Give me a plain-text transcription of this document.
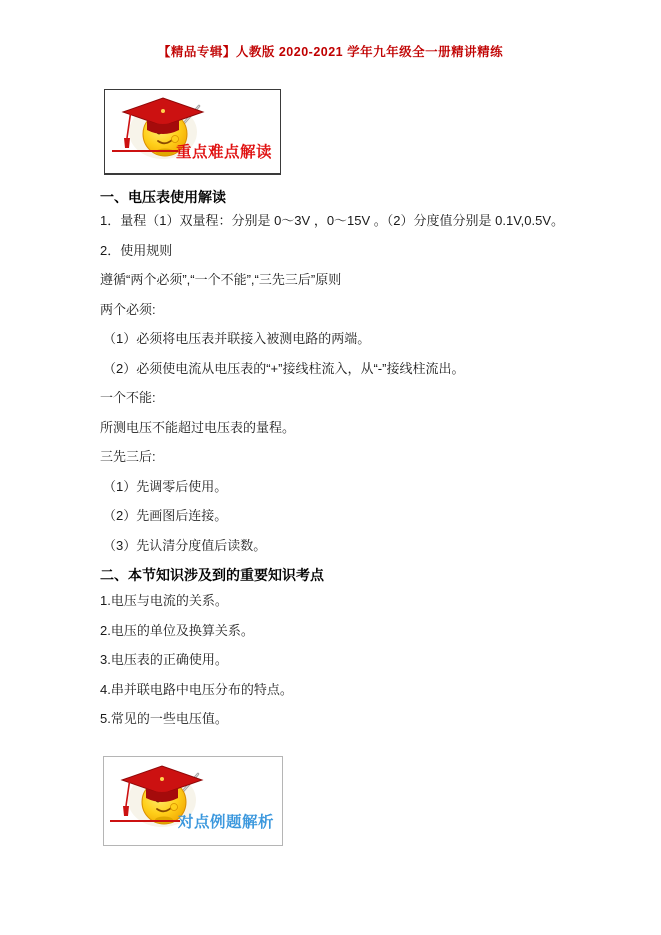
【精品专辑】人教版 2020-2021 学年九年级全一册精讲精练
重点难点解读
一、电压表使用解读

1．量程（1）双量程：分别是 0～3V ，0～15V 。（2）分度值分别是 0.1V,0.5V。

2．使用规则

遵循“两个必须”,“一个不能”,“三先三后”原则

两个必须:

（1）必须将电压表并联接入被测电路的两端。

（2）必须使电流从电压表的“+”接线柱流入，从“-”接线柱流出。

一个不能:

所测电压不能超过电压表的量程。

三先三后:

（1）先调零后使用。

（2）先画图后连接。

（3）先认清分度值后读数。

二、本节知识涉及到的重要知识考点

1.电压与电流的关系。

2.电压的单位及换算关系。

3.电压表的正确使用。

4.串并联电路中电压分布的特点。

5.常见的一些电压值。

对点例题解析
